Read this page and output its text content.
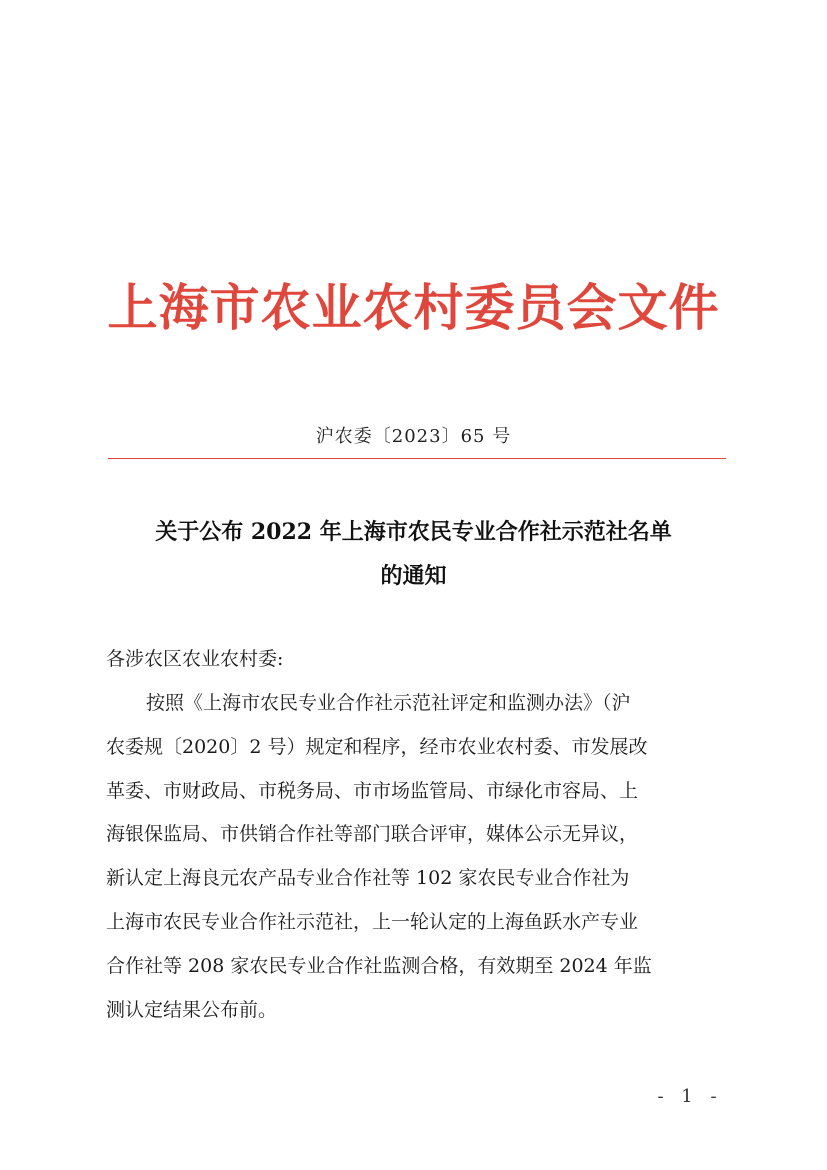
上海市农业农村委员会文件
沪农委〔2023〕65 号
关于公布 2022 年上海市农民专业合作社示范社名单
的通知
各涉农区农业农村委:
按照《上海市农民专业合作社示范社评定和监测办法》（沪
农委规〔2020〕2 号）规定和程序，经市农业农村委、市发展改
革委、市财政局、市税务局、市市场监管局、市绿化市容局、上
海银保监局、市供销合作社等部门联合评审，媒体公示无异议，
新认定上海良元农产品专业合作社等 102 家农民专业合作社为
上海市农民专业合作社示范社，上一轮认定的上海鱼跃水产专业
合作社等 208 家农民专业合作社监测合格，有效期至 2024 年监
测认定结果公布前。
- 1 -
